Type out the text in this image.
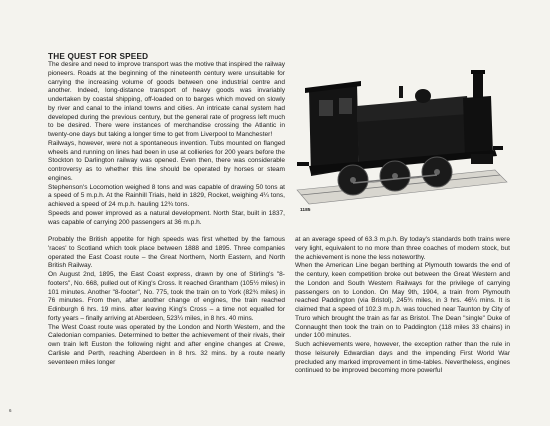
THE QUEST FOR SPEED

The desire and need to improve transport was the motive that inspired the railway pioneers. Roads at the beginning of the nineteenth century were unsuitable for carrying the increasing volume of goods between one industrial centre and another. Indeed, long-distance transport of heavy goods was invariably undertaken by coastal shipping, off-loaded on to barges which moved on slowly by river and canal to the inland towns and cities. An intricate canal system had developed during the previous century, but the general rate of progress left much to be desired. There were instances of merchandise crossing the Atlantic in twenty-one days but taking a longer time to get from Liverpool to Manchester!

Railways, however, were not a spontaneous invention. Tubs mounted on flanged wheels and running on lines had been in use at collieries for 200 years before the Stockton to Darlington railway was opened. Even then, there was considerable controversy as to whether this line should be operated by horses or steam engines.

Stephenson's Locomotion weighed 8 tons and was capable of drawing 50 tons at a speed of 5 m.p.h. At the Rainhill Trials, held in 1829, Rocket, weighing 4¼ tons, achieved a speed of 24 m.p.h. hauling 12¾ tons.

Speeds and power improved as a natural development. North Star, built in 1837, was capable of carrying 200 passengers at 36 m.p.h.

1185

Probably the British appetite for high speeds was first whetted by the famous 'races' to Scotland which took place between 1888 and 1895. Three companies operated the East Coast route – the Great Northern, North Eastern, and North British Railway.

On August 2nd, 1895, the East Coast express, drawn by one of Stirling's "8-footers", No. 668, pulled out of King's Cross. It reached Grantham (105½ miles) in 101 minutes. Another "8-footer", No. 775, took the train on to York (82¾ miles) in 76 minutes. From then, after another change of engines, the train reached Edinburgh 6 hrs. 19 mins. after leaving King's Cross – a time not equalled for forty years – finally arriving at Aberdeen, 523¼ miles, in 8 hrs. 40 mins.

The West Coast route was operated by the London and North Western, and the Caledonian companies. Determined to better the achievement of their rivals, their own train left Euston the following night and after engine changes at Crewe, Carlisle and Perth, reaching Aberdeen in 8 hrs. 32 mins. by a route nearly seventeen miles longer

at an average speed of 63.3 m.p.h. By today's standards both trains were very light, equivalent to no more than three coaches of modern stock, but the achievement is none the less noteworthy.

When the American Line began berthing at Plymouth towards the end of the century, keen competition broke out between the Great Western and the London and South Western Railways for the privilege of carrying passengers on to London. On May 9th, 1904, a train from Plymouth reached Paddington (via Bristol), 245¾ miles, in 3 hrs. 46¼ mins. It is claimed that a speed of 102.3 m.p.h. was touched near Taunton by City of Truro which brought the train as far as Bristol. The Dean "single" Duke of Connaught then took the train on to Paddington (118 miles 33 chains) in under 100 minutes.

Such achievements were, however, the exception rather than the rule in those leisurely Edwardian days and the impending First World War precluded any marked improvement in time-tables. Nevertheless, engines continued to be improved becoming more powerful

6
